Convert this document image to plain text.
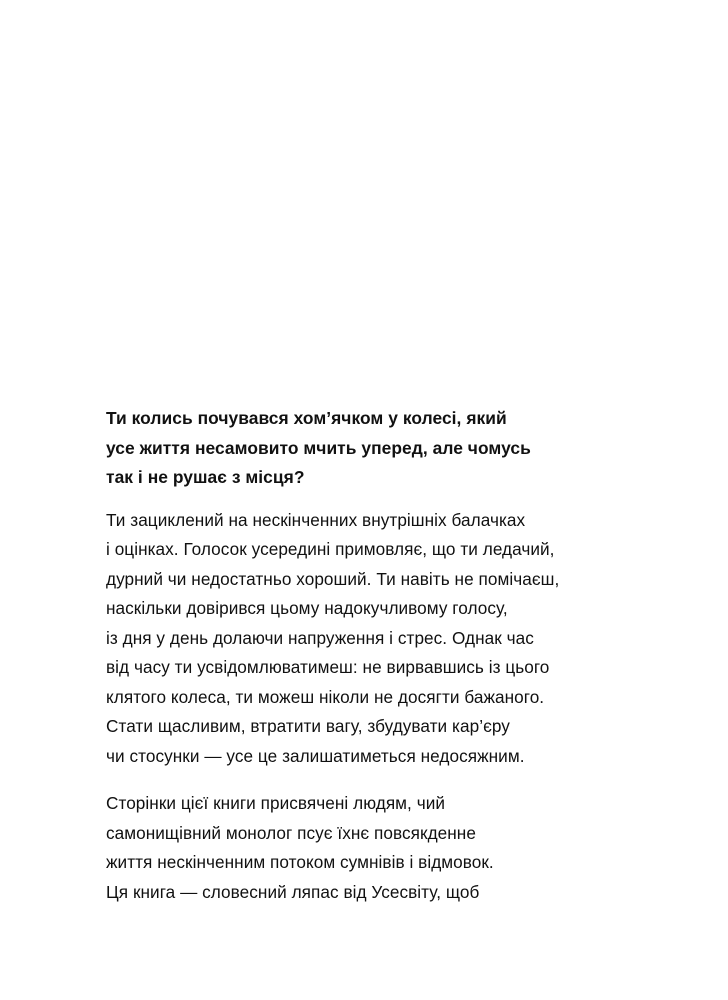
Ти колись почувався хом’ячком у колесі, який
усе життя несамовито мчить уперед, але чомусь
так і не рушає з місця?
Ти зациклений на нескінченних внутрішніх балачках
і оцінках. Голосок усередині примовляє, що ти ледачий,
дурний чи недостатньо хороший. Ти навіть не помічаєш,
наскільки довірився цьому надокучливому голосу,
із дня у день долаючи напруження і стрес. Однак час
від часу ти усвідомлюватимеш: не вирвавшись із цього
клятого колеса, ти можеш ніколи не досягти бажаного.
Стати щасливим, втратити вагу, збудувати кар’єру
чи стосунки — усе це залишатиметься недосяжним.
Сторінки цієї книги присвячені людям, чий
самонищівний монолог псує їхнє повсякденне
життя нескінченним потоком сумнівів і відмовок.
Ця книга — словесний ляпас від Усесвіту, щоб
